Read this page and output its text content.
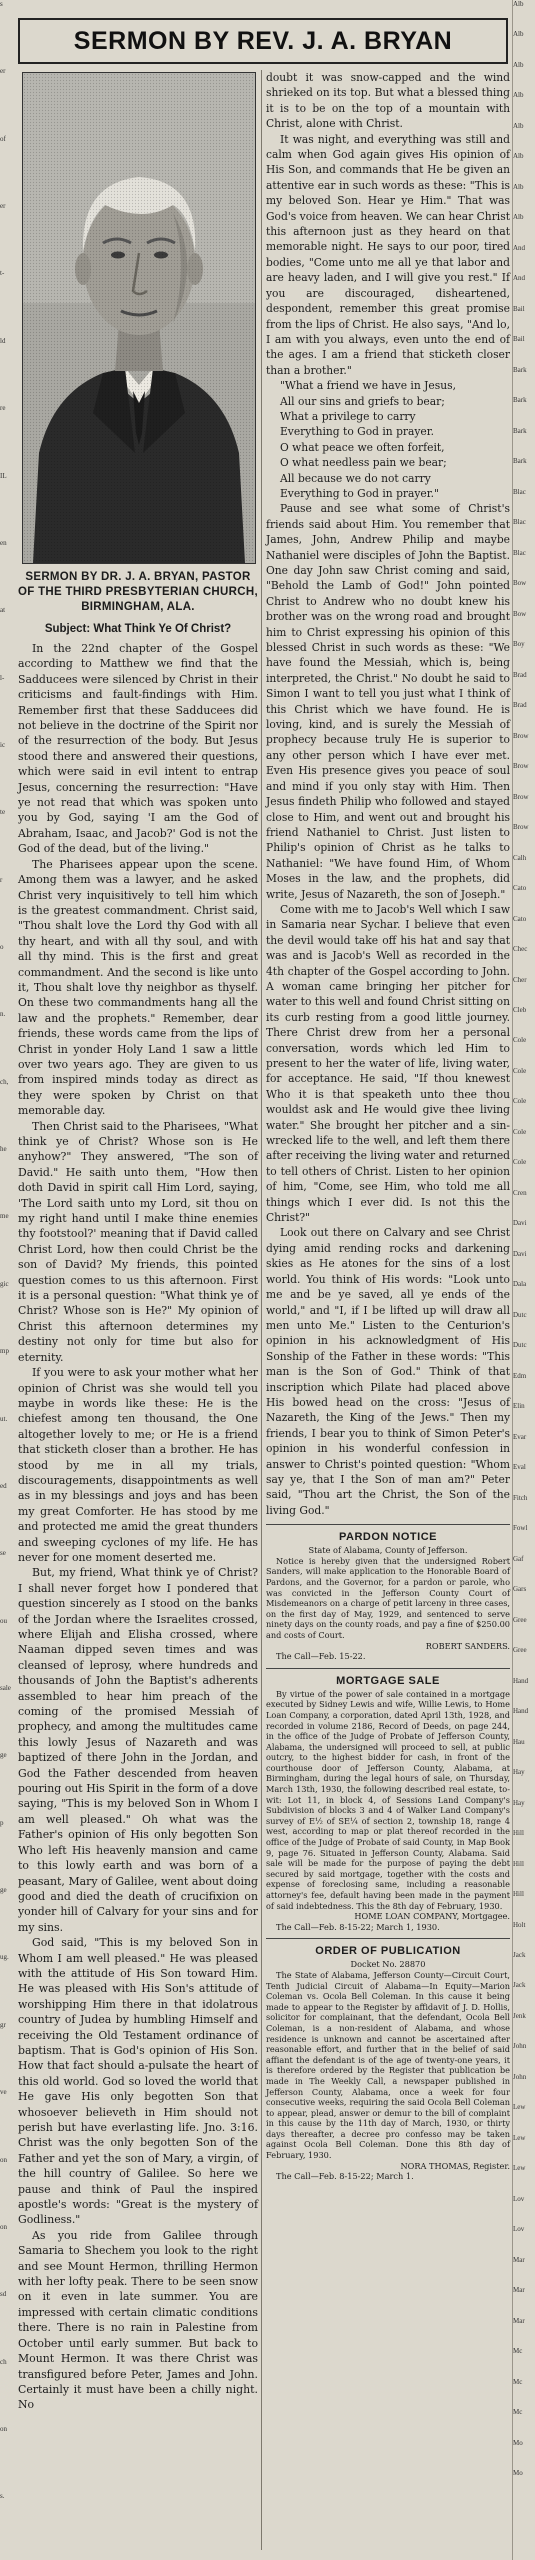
s
er
of
er
t-
ld
re
IL
en
at
l-
ic
te
r
o
n.
ch,
he
me
gic
mp
ut.
ed
se
ou
sale
ge
p
ge
ug.
gr
ve
on
on
sd
ch
on
s.
SERMON BY REV. J. A. BRYAN
SERMON BY DR. J. A. BRYAN, PASTOR OF THE THIRD PRESBYTERIAN CHURCH, BIRMINGHAM, ALA.
Subject: What Think Ye Of Christ?

In the 22nd chapter of the Gospel according to Matthew we find that the Sadducees were silenced by Christ in their criticisms and fault-findings with Him. Remember first that these Sadducees did not believe in the doctrine of the Spirit nor of the resurrection of the body. But Jesus stood there and answered their questions, which were said in evil intent to entrap Jesus, concerning the resurrection: "Have ye not read that which was spoken unto you by God, saying 'I am the God of Abraham, Isaac, and Jacob?' God is not the God of the dead, but of the living."

The Pharisees appear upon the scene. Among them was a lawyer, and he asked Christ very inquisitively to tell him which is the greatest commandment. Christ said, "Thou shalt love the Lord thy God with all thy heart, and with all thy soul, and with all thy mind. This is the first and great commandment. And the second is like unto it, Thou shalt love thy neighbor as thyself. On these two commandments hang all the law and the prophets." Remember, dear friends, these words came from the lips of Christ in yonder Holy Land 1 saw a little over two years ago. They are given to us from inspired minds today as direct as they were spoken by Christ on that memorable day.

Then Christ said to the Pharisees, "What think ye of Christ? Whose son is He anyhow?" They answered, "The son of David." He saith unto them, "How then doth David in spirit call Him Lord, saying, 'The Lord saith unto my Lord, sit thou on my right hand until I make thine enemies thy footstool?' meaning that if David called Christ Lord, how then could Christ be the son of David? My friends, this pointed question comes to us this afternoon. First it is a personal question: "What think ye of Christ? Whose son is He?" My opinion of Christ this afternoon determines my destiny not only for time but also for eternity.

If you were to ask your mother what her opinion of Christ was she would tell you maybe in words like these: He is the chiefest among ten thousand, the One altogether lovely to me; or He is a friend that sticketh closer than a brother. He has stood by me in all my trials, discouragements, disappointments as well as in my blessings and joys and has been my great Comforter. He has stood by me and protected me amid the great thunders and sweeping cyclones of my life. He has never for one moment deserted me.

But, my friend, What think ye of Christ? I shall never forget how I pondered that question sincerely as I stood on the banks of the Jordan where the Israelites crossed, where Elijah and Elisha crossed, where Naaman dipped seven times and was cleansed of leprosy, where hundreds and thousands of John the Baptist's adherents assembled to hear him preach of the coming of the promised Messiah of prophecy, and among the multitudes came this lowly Jesus of Nazareth and was baptized of there John in the Jordan, and God the Father descended from heaven pouring out His Spirit in the form of a dove saying, "This is my beloved Son in Whom I am well pleased." Oh what was the Father's opinion of His only begotten Son Who left His heavenly mansion and came to this lowly earth and was born of a peasant, Mary of Galilee, went about doing good and died the death of crucifixion on yonder hill of Calvary for your sins and for my sins.

God said, "This is my beloved Son in Whom I am well pleased." He was pleased with the attitude of His Son toward Him. He was pleased with His Son's attitude of worshipping Him there in that idolatrous country of Judea by humbling Himself and receiving the Old Testament ordinance of baptism. That is God's opinion of His Son. How that fact should a-pulsate the heart of this old world. God so loved the world that He gave His only begotten Son that whosoever believeth in Him should not perish but have everlasting life. Jno. 3:16. Christ was the only begotten Son of the Father and yet the son of Mary, a virgin, of the hill country of Galilee. So here we pause and think of Paul the inspired apostle's words: "Great is the mystery of Godliness."

As you ride from Galilee through Samaria to Shechem you look to the right and see Mount Hermon, thrilling Hermon with her lofty peak. There to be seen snow on it even in late summer. You are impressed with certain climatic conditions there. There is no rain in Palestine from October until early summer. But back to Mount Hermon. It was there Christ was transfigured before Peter, James and John. Certainly it must have been a chilly night. No

doubt it was snow-capped and the wind shrieked on its top. But what a blessed thing it is to be on the top of a mountain with Christ, alone with Christ.

It was night, and everything was still and calm when God again gives His opinion of His Son, and commands that He be given an attentive ear in such words as these: "This is my beloved Son. Hear ye Him." That was God's voice from heaven. We can hear Christ this afternoon just as they heard on that memorable night. He says to our poor, tired bodies, "Come unto me all ye that labor and are heavy laden, and I will give you rest." If you are discouraged, disheartened, despondent, remember this great promise from the lips of Christ. He also says, "And lo, I am with you always, even unto the end of the ages. I am a friend that sticketh closer than a brother."

"What a friend we have in Jesus,
All our sins and griefs to bear;
What a privilege to carry
Everything to God in prayer.
O what peace we often forfeit,
O what needless pain we bear;
All because we do not carry
Everything to God in prayer."

Pause and see what some of Christ's friends said about Him. You remember that James, John, Andrew Philip and maybe Nathaniel were disciples of John the Baptist. One day John saw Christ coming and said, "Behold the Lamb of God!" John pointed Christ to Andrew who no doubt knew his brother was on the wrong road and brought him to Christ expressing his opinion of this blessed Christ in such words as these: "We have found the Messiah, which is, being interpreted, the Christ." No doubt he said to Simon I want to tell you just what I think of this Christ which we have found. He is loving, kind, and is surely the Messiah of prophecy because truly He is superior to any other person which I have ever met. Even His presence gives you peace of soul and mind if you only stay with Him. Then Jesus findeth Philip who followed and stayed close to Him, and went out and brought his friend Nathaniel to Christ. Just listen to Philip's opinion of Christ as he talks to Nathaniel: "We have found Him, of Whom Moses in the law, and the prophets, did write, Jesus of Nazareth, the son of Joseph."

Come with me to Jacob's Well which I saw in Samaria near Sychar. I believe that even the devil would take off his hat and say that was and is Jacob's Well as recorded in the 4th chapter of the Gospel according to John. A woman came bringing her pitcher for water to this well and found Christ sitting on its curb resting from a good little journey. There Christ drew from her a personal conversation, words which led Him to present to her the water of life, living water, for acceptance. He said, "If thou knewest Who it is that speaketh unto thee thou wouldst ask and He would give thee living water." She brought her pitcher and a sin-wrecked life to the well, and left them there after receiving the living water and returned to tell others of Christ. Listen to her opinion of him, "Come, see Him, who told me all things which I ever did. Is not this the Christ?"

Look out there on Calvary and see Christ dying amid rending rocks and darkening skies as He atones for the sins of a lost world. You think of His words: "Look unto me and be ye saved, all ye ends of the world," and "I, if I be lifted up will draw all men unto Me." Listen to the Centurion's opinion in his acknowledgment of His Sonship of the Father in these words: "This man is the Son of God." Think of that inscription which Pilate had placed above His bowed head on the cross: "Jesus of Nazareth, the King of the Jews." Then my friends, I bear you to think of Simon Peter's opinion in his wonderful confession in answer to Christ's pointed question: "Whom say ye, that I the Son of man am?" Peter said, "Thou art the Christ, the Son of the living God."

PARDON NOTICE

State of Alabama, County of Jefferson.

Notice is hereby given that the undersigned Robert Sanders, will make application to the Honorable Board of Pardons, and the Governor, for a pardon or parole, who was convicted in the Jefferson County Court of Misdemeanors on a charge of petit larceny in three cases, on the first day of May, 1929, and sentenced to serve ninety days on the county roads, and pay a fine of $250.00 and costs of Court.

ROBERT SANDERS.

The Call—Feb. 15-22.

MORTGAGE SALE

By virtue of the power of sale contained in a mortgage executed by Sidney Lewis and wife, Willie Lewis, to Home Loan Company, a corporation, dated April 13th, 1928, and recorded in volume 2186, Record of Deeds, on page 244, in the office of the Judge of Probate of Jefferson County, Alabama, the undersigned will proceed to sell, at public outcry, to the highest bidder for cash, in front of the courthouse door of Jefferson County, Alabama, at Birmingham, during the legal hours of sale, on Thursday, March 13th, 1930, the following described real estate, to-wit: Lot 11, in block 4, of Sessions Land Company's Subdivision of blocks 3 and 4 of Walker Land Company's survey of E½ of SE¼ of section 2, township 18, range 4 west, according to map or plat thereof recorded in the office of the Judge of Probate of said County, in Map Book 9, page 76. Situated in Jefferson County, Alabama. Said sale will be made for the purpose of paying the debt secured by said mortgage, together with the costs and expense of foreclosing same, including a reasonable attorney's fee, default having been made in the payment of said indebtedness. This the 8th day of February, 1930.

HOME LOAN COMPANY, Mortgagee.

The Call—Feb. 8-15-22; March 1, 1930.

ORDER OF PUBLICATION

Docket No. 28870

The State of Alabama, Jefferson County—Circuit Court, Tenth Judicial Circuit of Alabama—In Equity—Marion Coleman vs. Ocola Bell Coleman. In this cause it being made to appear to the Register by affidavit of J. D. Hollis, solicitor for complainant, that the defendant, Ocola Bell Coleman, is a non-resident of Alabama, and whose residence is unknown and cannot be ascertained after reasonable effort, and further that in the belief of said affiant the defendant is of the age of twenty-one years, it is therefore ordered by the Register that publication be made in The Weekly Call, a newspaper published in Jefferson County, Alabama, once a week for four consecutive weeks, requiring the said Ocola Bell Coleman to appear, plead, answer or demur to the bill of complaint in this cause by the 11th day of March, 1930, or thirty days thereafter, a decree pro confesso may be taken against Ocola Bell Coleman. Done this 8th day of February, 1930.

NORA THOMAS, Register.

The Call—Feb. 8-15-22; March 1.

Alb
Alb
Alb
Alb
Alb
Alb
Alb
Alb
And
And
Bail
Bail
Bark
Bark
Bark
Bark
Blac
Blac
Blac
Bow
Bow
Boy
Brad
Brad
Brow
Brow
Brow
Brow
Calh
Cato
Cato
Chec
Cher
Cleb
Cole
Cole
Cole
Cole
Cole
Cren
Davi
Davi
Dala
Dutc
Dutc
Edm
Elin
Evar
Eval
Fitch
Fowl
Gaf
Gars
Gree
Gree
Hand
Hand
Hau
Hay
Hay
Hill
Hill
Hill
Holt
Jack
Jack
Jenk
John
John
Lew
Lew
Lew
Lov
Lov
Mar
Mar
Mar
Mc
Mc
Mc
Mo
Mo
